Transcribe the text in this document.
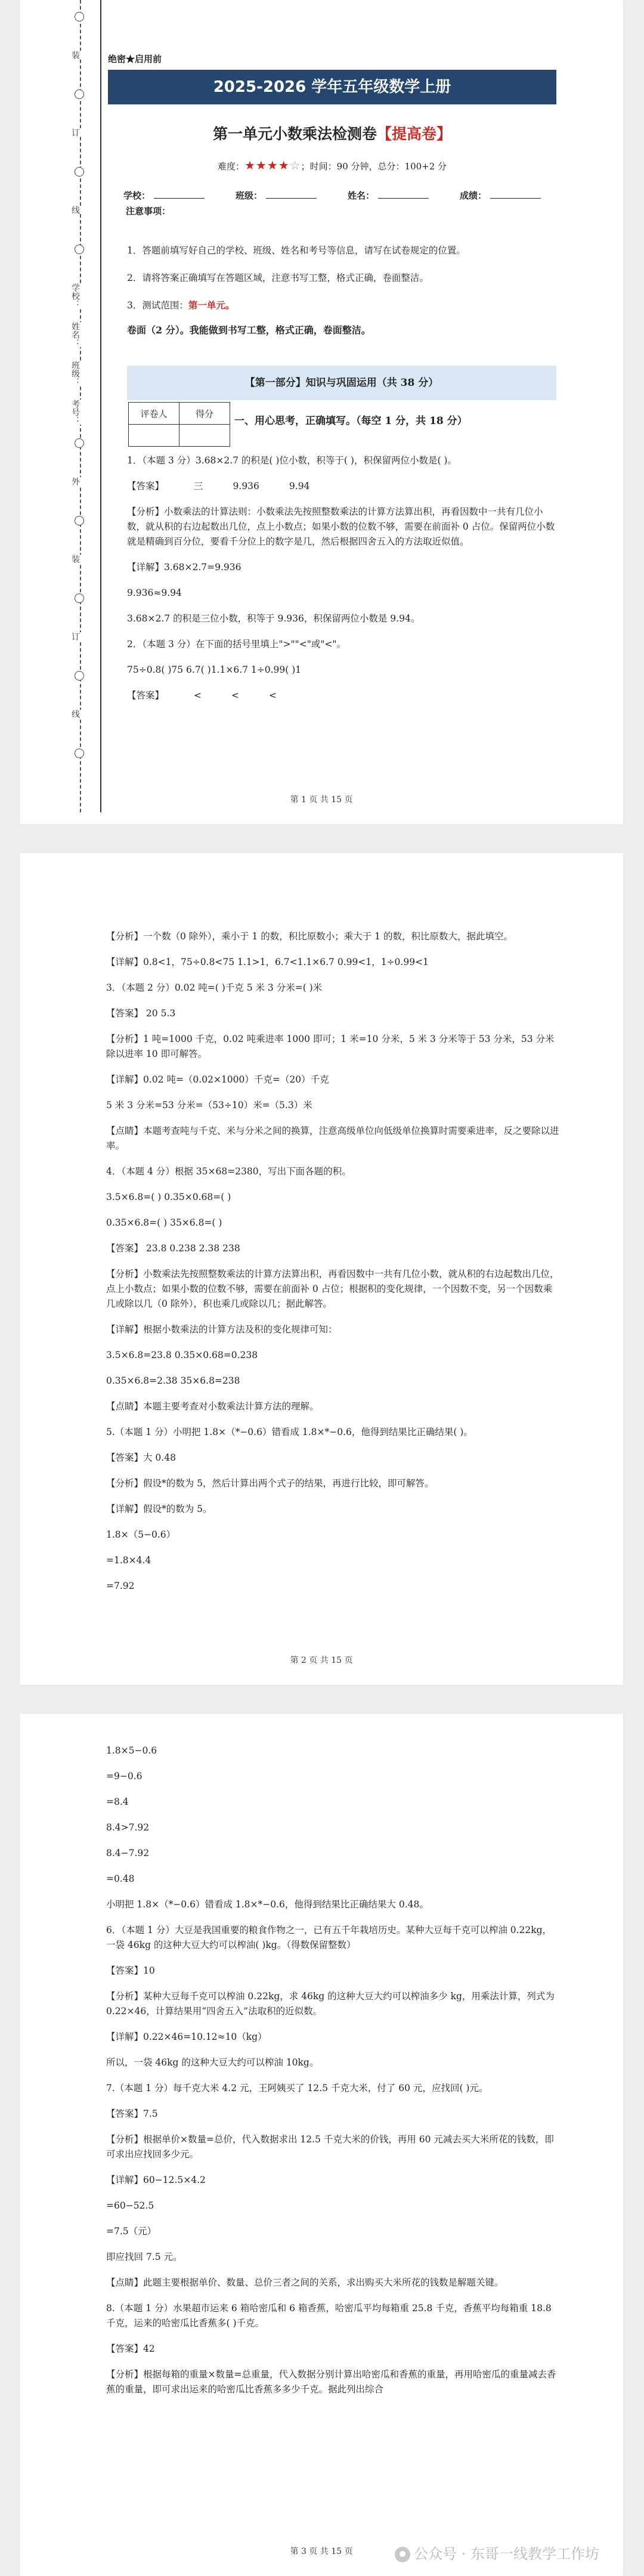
装
订
线
学校：
姓名：
班级：
考号：
外
装
订
线
绝密★启用前
2025-2026 学年五年级数学上册
第一单元小数乘法检测卷【提高卷】
难度：★★★★☆；时间：90 分钟，总分：100+2 分
学校：	班级：	姓名：	成绩：
注意事项：

1．答题前填写好自己的学校、班级、姓名和考号等信息，请写在试卷规定的位置。

2．请将答案正确填写在答题区域，注意书写工整，格式正确，卷面整洁。

3．测试范围：第一单元。

卷面（2 分）。我能做到书写工整，格式正确，卷面整洁。
【第一部分】知识与巩固运用（共 38 分）
评卷人	得分

一、用心思考，正确填写。（每空 1 分，共 18 分）

1．（本题 3 分）3.68×2.7 的积是( )位小数，积等于( )，积保留两位小数是( )。

【答案】	三	9.936	9.94

【分析】小数乘法的计算法则：小数乘法先按照整数乘法的计算方法算出积，再看因数中一共有几位小数，就从积的右边起数出几位，点上小数点；如果小数的位数不够，需要在前面补 0 占位。保留两位小数就是精确到百分位，要看千分位上的数字是几，然后根据四舍五入的方法取近似值。

【详解】3.68×2.7=9.936

9.936≈9.94

3.68×2.7 的积是三位小数，积等于 9.936，积保留两位小数是 9.94。

2．（本题 3 分）在下面的括号里填上">""<"或"<"。

75÷0.8( )75 6.7( )1.1×6.7 1÷0.99( )1

【答案】	<	<	<

第 1 页 共 15 页
【分析】一个数（0 除外），乘小于 1 的数，积比原数小；乘大于 1 的数，积比原数大，据此填空。
【详解】0.8<1，75÷0.8<75 1.1>1，6.7<1.1×6.7 0.99<1，1÷0.99<1
3．（本题 2 分）0.02 吨=( )千克 5 米 3 分米=( )米
【答案】 20 5.3
【分析】1 吨=1000 千克，0.02 吨乘进率 1000 即可；1 米=10 分米，5 米 3 分米等于 53 分米，53 分米除以进率 10 即可解答。
【详解】0.02 吨=（0.02×1000）千克=（20）千克
5 米 3 分米=53 分米=（53÷10）米=（5.3）米
【点睛】本题考查吨与千克、米与分米之间的换算，注意高级单位向低级单位换算时需要乘进率，反之要除以进率。
4．（本题 4 分）根据 35×68=2380，写出下面各题的积。
3.5×6.8=( ) 0.35×0.68=( )
0.35×6.8=( ) 35×6.8=( )
【答案】 23.8 0.238 2.38 238
【分析】小数乘法先按照整数乘法的计算方法算出积，再看因数中一共有几位小数，就从积的右边起数出几位，点上小数点；如果小数的位数不够，需要在前面补 0 占位；根据积的变化规律，一个因数不变，另一个因数乘几或除以几（0 除外），积也乘几或除以几；据此解答。
【详解】根据小数乘法的计算方法及积的变化规律可知：
3.5×6.8=23.8 0.35×0.68=0.238
0.35×6.8=2.38 35×6.8=238
【点睛】本题主要考查对小数乘法计算方法的理解。
5.（本题 1 分）小明把 1.8×（*−0.6）错看成 1.8×*−0.6，他得到结果比正确结果( )。
【答案】大 0.48
【分析】假设*的数为 5，然后计算出两个式子的结果，再进行比较，即可解答。
【详解】假设*的数为 5。
1.8×（5−0.6）
=1.8×4.4
=7.92
第 2 页 共 15 页
1.8×5−0.6
=9−0.6
=8.4
8.4>7.92
8.4−7.92
=0.48
小明把 1.8×（*−0.6）错看成 1.8×*−0.6，他得到结果比正确结果大 0.48。
6．（本题 1 分）大豆是我国重要的粮食作物之一，已有五千年栽培历史。某种大豆每千克可以榨油 0.22kg，一袋 46kg 的这种大豆大约可以榨油( )kg。（得数保留整数）
【答案】10
【分析】某种大豆每千克可以榨油 0.22kg，求 46kg 的这种大豆大约可以榨油多少 kg，用乘法计算，列式为 0.22×46，计算结果用“四舍五入”法取积的近似数。
【详解】0.22×46=10.12≈10（kg）
所以，一袋 46kg 的这种大豆大约可以榨油 10kg。
7.（本题 1 分）每千克大米 4.2 元，王阿姨买了 12.5 千克大米，付了 60 元，应找回( )元。
【答案】7.5
【分析】根据单价×数量=总价，代入数据求出 12.5 千克大米的价钱，再用 60 元减去买大米所花的钱数，即可求出应找回多少元。
【详解】60−12.5×4.2
=60−52.5
=7.5（元）
即应找回 7.5 元。
【点睛】此题主要根据单价、数量、总价三者之间的关系，求出购买大米所花的钱数是解题关键。
8.（本题 1 分）水果超市运来 6 箱哈密瓜和 6 箱香蕉，哈密瓜平均每箱重 25.8 千克，香蕉平均每箱重 18.8 千克，运来的哈密瓜比香蕉多( )千克。
【答案】42
【分析】根据每箱的重量×数量=总重量，代入数据分别计算出哈密瓜和香蕉的重量，再用哈密瓜的重量减去香蕉的重量，即可求出运来的哈密瓜比香蕉多多少千克。据此列出综合
第 3 页 共 15 页	公众号 · 东哥一线教学工作坊
